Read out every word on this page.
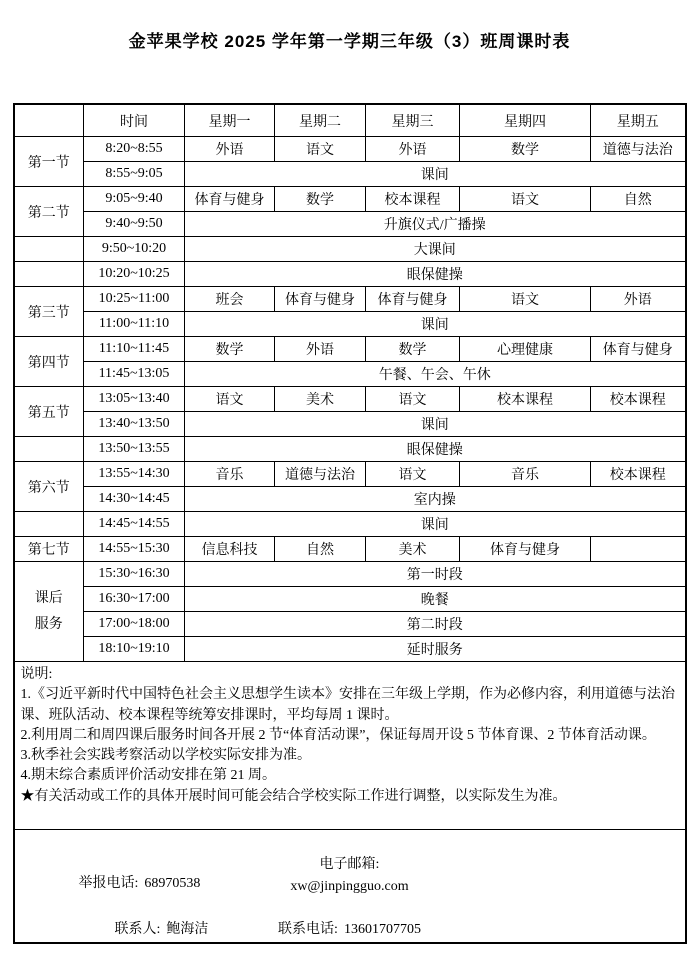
金苹果学校 2025 学年第一学期三年级（3）班周课时表
	时间	星期一	星期二	星期三	星期四	星期五
第一节	8:20~8:55	外语	语文	外语	数学	道德与法治
	8:55~9:05	课间				
第二节	9:05~9:40	体育与健身	数学	校本课程	语文	自然
	9:40~9:50	升旗仪式/广播操				
	9:50~10:20	大课间				
	10:20~10:25	眼保健操				
第三节	10:25~11:00	班会	体育与健身	体育与健身	语文	外语
	11:00~11:10	课间				
第四节	11:10~11:45	数学	外语	数学	心理健康	体育与健身
	11:45~13:05	午餐、午会、午休				
第五节	13:05~13:40	语文	美术	语文	校本课程	校本课程
	13:40~13:50	课间				
	13:50~13:55	眼保健操				
第六节	13:55~14:30	音乐	道德与法治	语文	音乐	校本课程
	14:30~14:45	室内操				
	14:45~14:55	课间				
第七节	14:55~15:30	信息科技	自然	美术	体育与健身	
课后服务	15:30~16:30	第一时段				
	16:30~17:00	晚餐				
	17:00~18:00	第二时段				
	18:10~19:10	延时服务				

说明:

1.《习近平新时代中国特色社会主义思想学生读本》安排在三年级上学期，作为必修内容，利用道德与法治课、班队活动、校本课程等统筹安排课时，平均每周 1 课时。

2.利用周二和周四课后服务时间各开展 2 节“体育活动课”，保证每周开设 5 节体育课、2 节体育活动课。

3.秋季社会实践考察活动以学校实际安排为准。

4.期末综合素质评价活动安排在第 21 周。

★有关活动或工作的具体开展时间可能会结合学校实际工作进行调整，以实际发生为准。

举报电话: 68970538
电子邮箱:
xw@jinpingguo.com
联系人: 鲍海洁 联系电话: 13601707705						
